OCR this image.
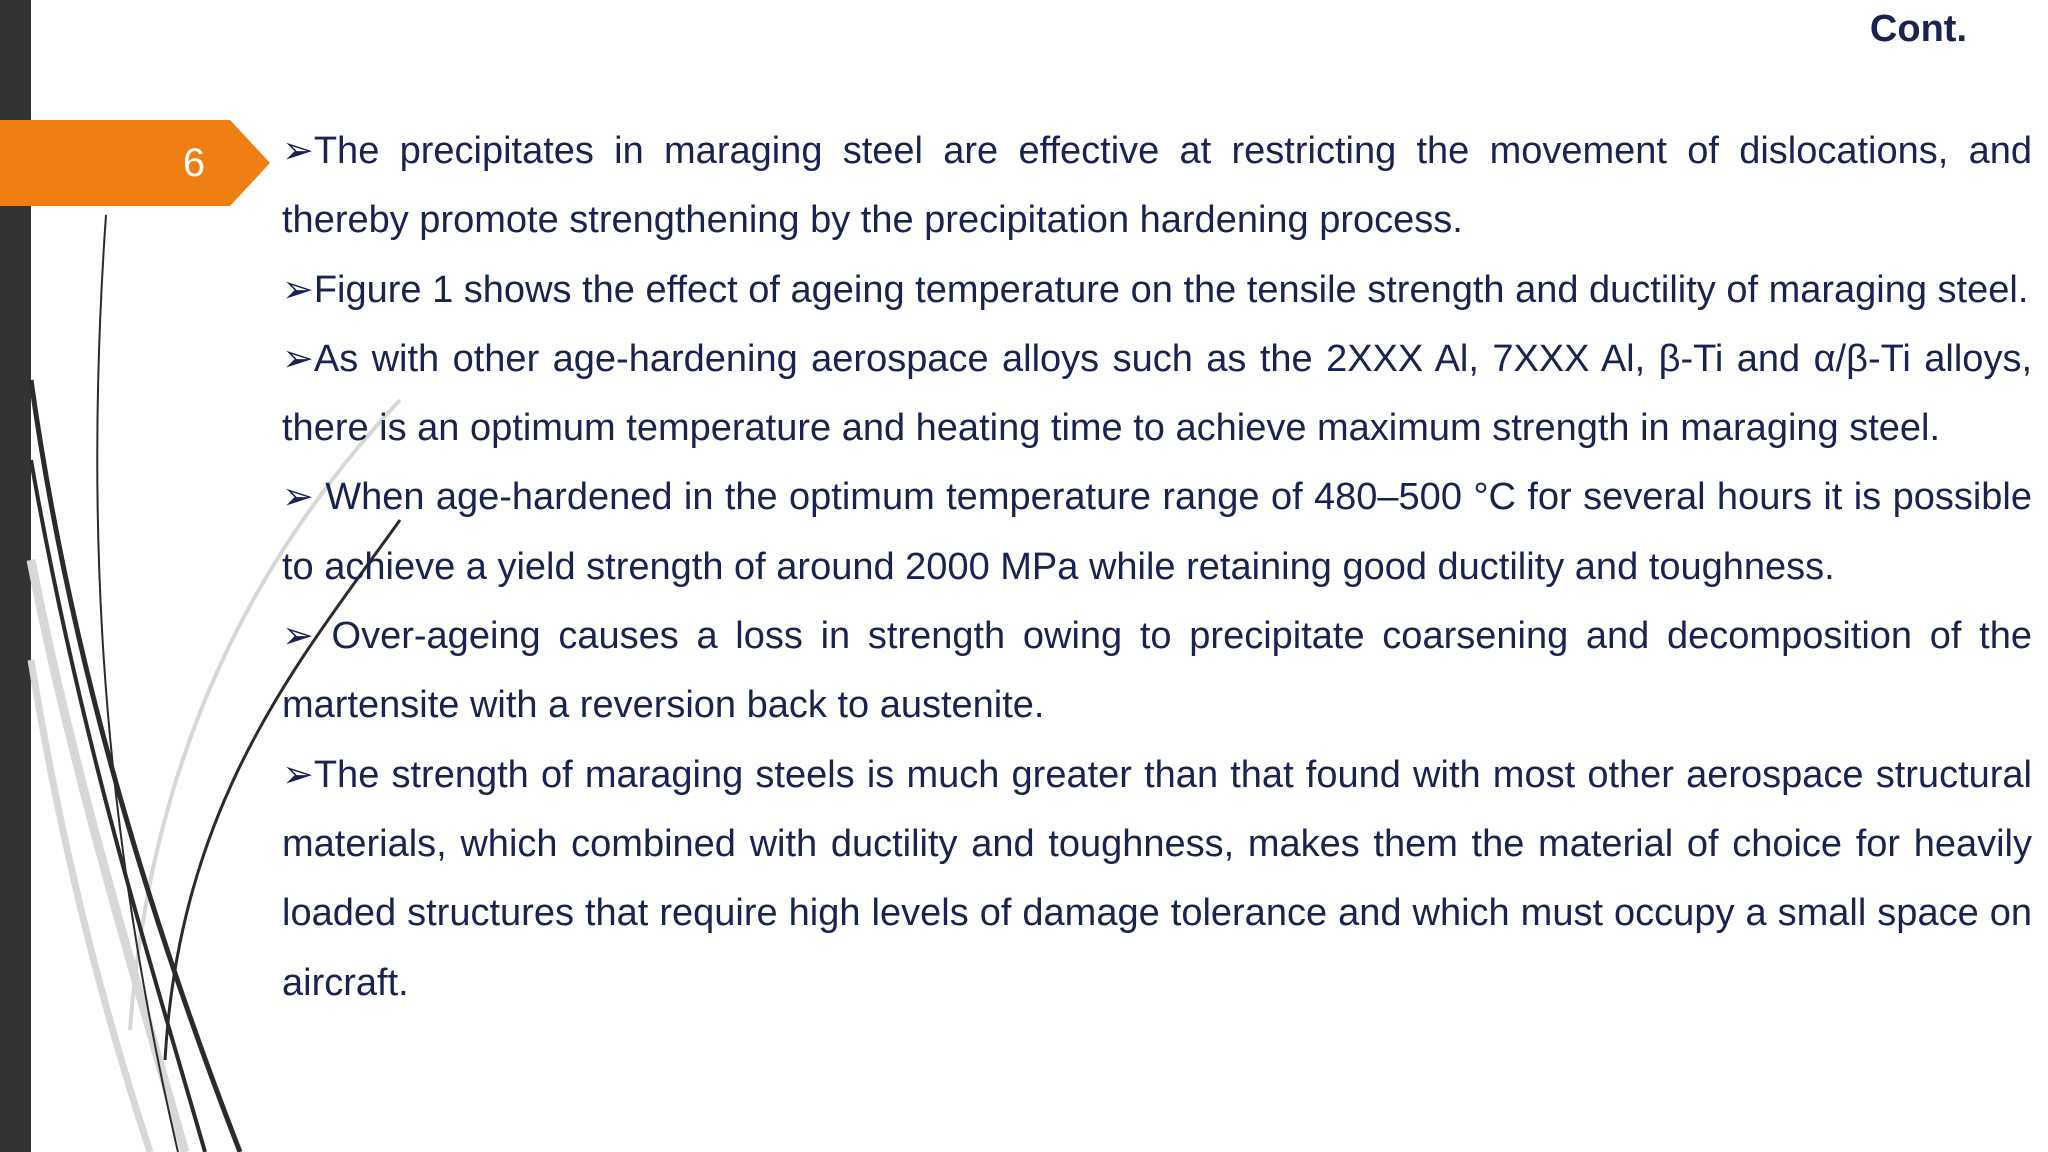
6
Cont.
➢The precipitates in maraging steel are effective at restricting the movement of dislocations, and thereby promote strengthening by the precipitation hardening process.
➢Figure 1 shows the effect of ageing temperature on the tensile strength and ductility of maraging steel.
➢As with other age-hardening aerospace alloys such as the 2XXX Al, 7XXX Al, β-Ti and α/β-Ti alloys, there is an optimum temperature and heating time to achieve maximum strength in maraging steel.
➢ When age-hardened in the optimum temperature range of 480–500 °C for several hours it is possible to achieve a yield strength of around 2000 MPa while retaining good ductility and toughness.
➢ Over-ageing causes a loss in strength owing to precipitate coarsening and decomposition of the martensite with a reversion back to austenite.
➢The strength of maraging steels is much greater than that found with most other aerospace structural materials, which combined with ductility and toughness, makes them the material of choice for heavily loaded structures that require high levels of damage tolerance and which must occupy a small space on aircraft.
